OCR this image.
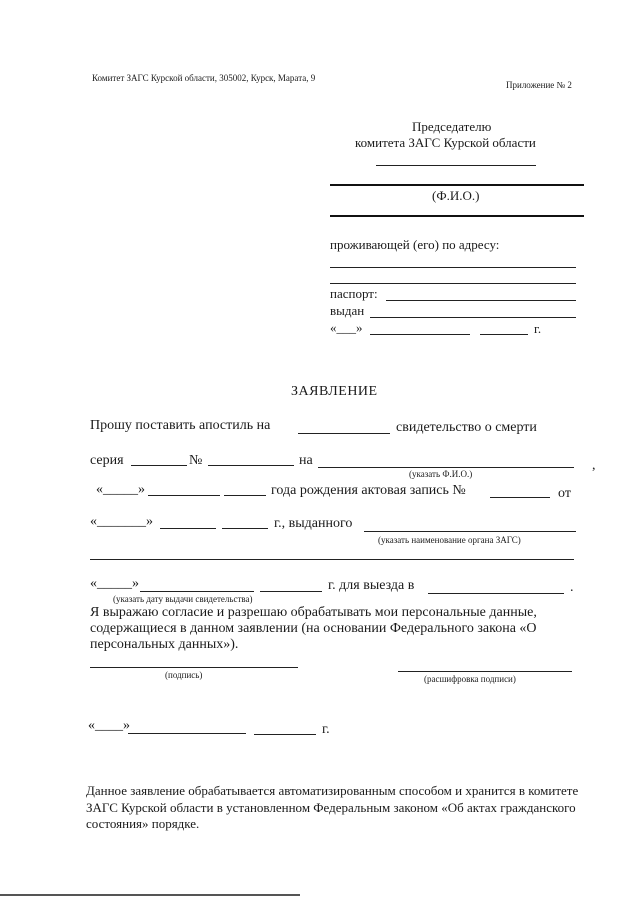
Комитет ЗАГС Курской области, 305002, Курск, Марата, 9
Приложение № 2
Председателю
комитета ЗАГС Курской области
(Ф.И.О.)
проживающей (его) по адресу:
паспорт:
выдан
«___»	г.
ЗАЯВЛЕНИЕ
Прошу поставить апостиль на	свидетельство о смерти
серия	№	на	,
(указать Ф.И.О.)
«_____»	года рождения актовая запись №	от
«_______»	г., выданного
(указать наименование органа ЗАГС)
«_____»	г. для выезда в	.
(указать дату выдачи свидетельства)
Я выражаю согласие и разрешаю обрабатывать мои персональные данные,
содержащиеся в данном заявлении (на основании Федерального закона «О
персональных данных»).
(подпись)	(расшифровка подписи)
«____»	г.
Данное заявление обрабатывается автоматизированным способом и хранится в комитете
ЗАГС Курской области в установленном Федеральным законом «Об актах гражданского
состояния» порядке.
